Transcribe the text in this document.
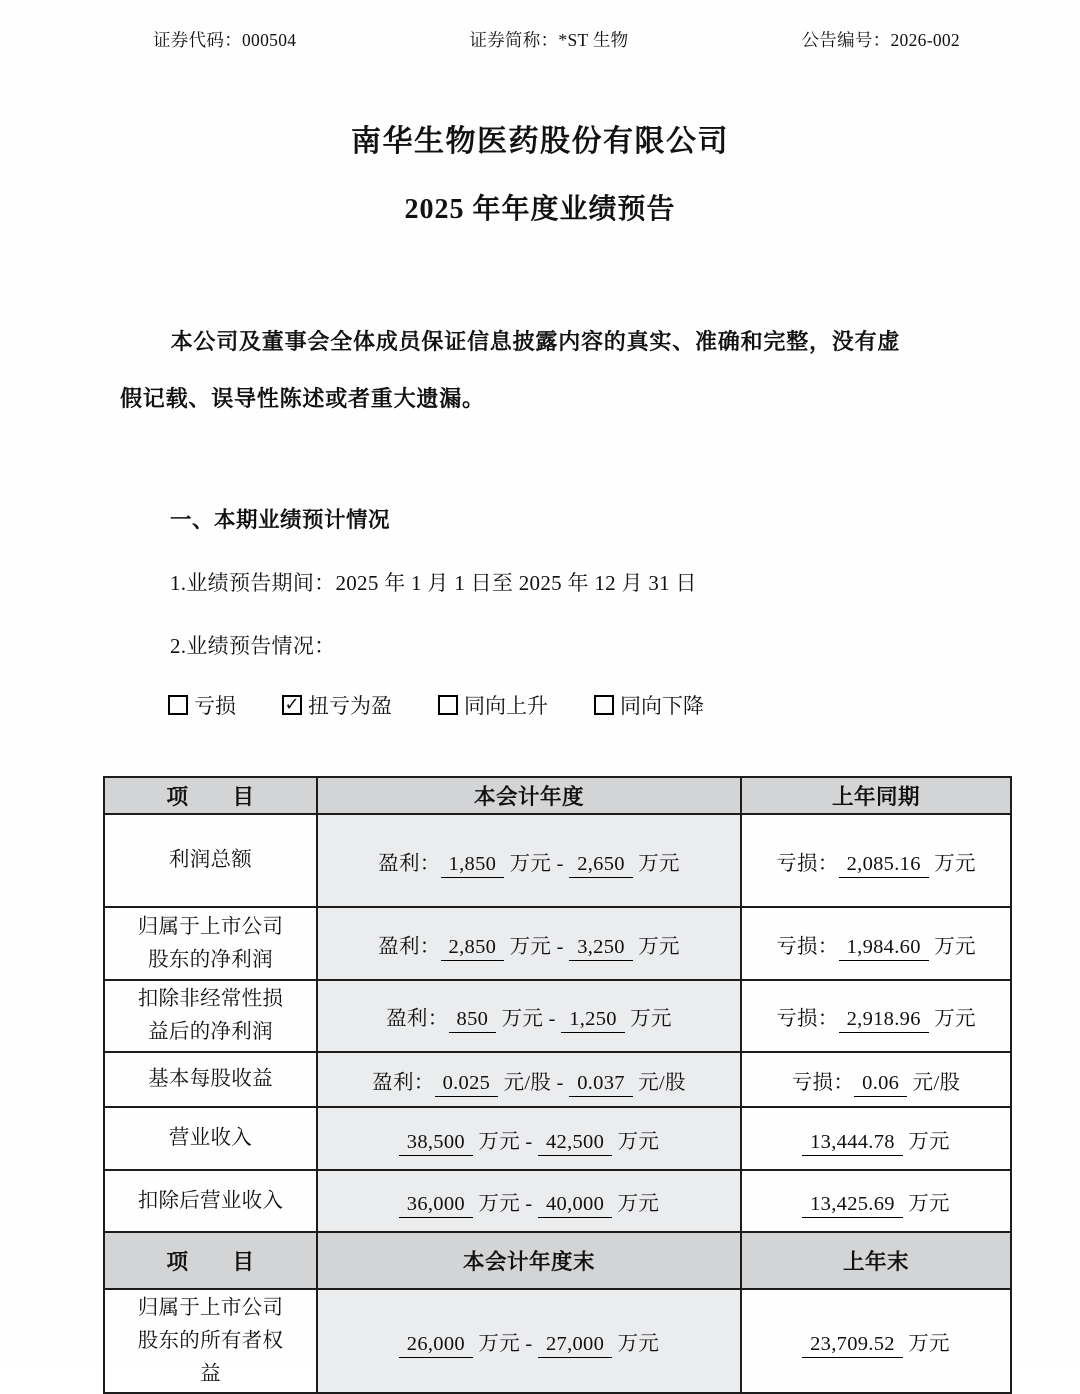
证券代码：000504	证券简称：*ST 生物	公告编号：2026-002
南华生物医药股份有限公司
2025 年年度业绩预告

本公司及董事会全体成员保证信息披露内容的真实、准确和完整，没有虚假记载、误导性陈述或者重大遗漏。

一、本期业绩预计情况

1.业绩预告期间：2025 年 1 月 1 日至 2025 年 12 月 31 日

2.业绩预告情况：

亏损	✓ 扭亏为盈	同向上升	同向下降
项　　目	本会计年度	上年同期
利润总额	盈利： 1,850 万元 - 2,650 万元	亏损： 2,085.16 万元
归属于上市公司股东的净利润	盈利： 2,850 万元 - 3,250 万元	亏损： 1,984.60 万元
扣除非经常性损益后的净利润	盈利： 850 万元 - 1,250 万元	亏损： 2,918.96 万元
基本每股收益	盈利： 0.025 元/股 - 0.037 元/股	亏损： 0.06 元/股
营业收入	38,500 万元 - 42,500 万元	13,444.78 万元
扣除后营业收入	36,000 万元 - 40,000 万元	13,425.69 万元
项　　目	本会计年度末	上年末
归属于上市公司股东的所有者权益	26,000 万元 - 27,000 万元	23,709.52 万元
